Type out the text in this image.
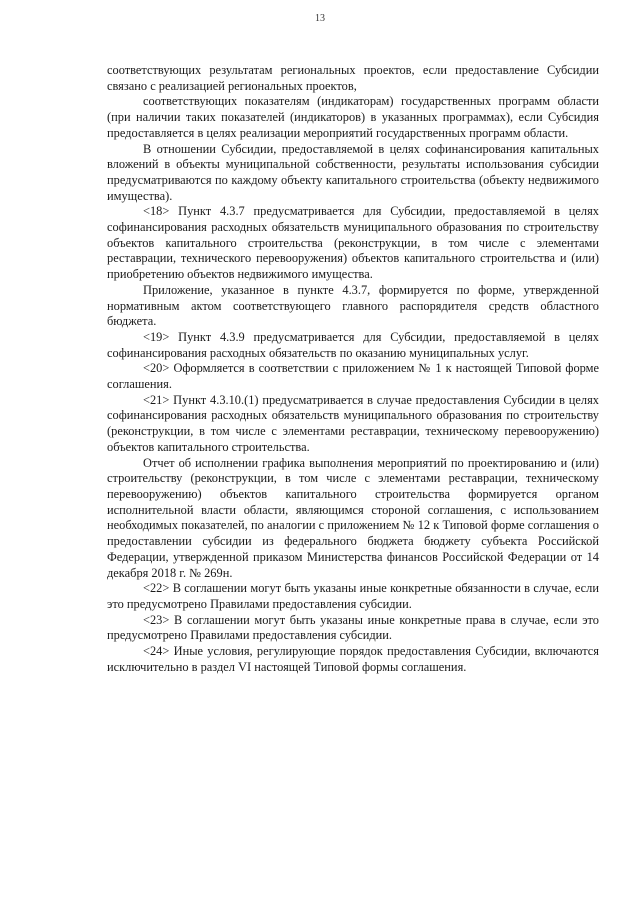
13

соответствующих результатам региональных проектов, если предоставление Субсидии связано с реализацией региональных проектов,

соответствующих показателям (индикаторам) государственных программ области (при наличии таких показателей (индикаторов) в указанных программах), если Субсидия предоставляется в целях реализации мероприятий государственных программ области.

В отношении Субсидии, предоставляемой в целях софинансирования капитальных вложений в объекты муниципальной собственности, результаты использования субсидии предусматриваются по каждому объекту капитального строительства (объекту недвижимого имущества).

<18> Пункт 4.3.7 предусматривается для Субсидии, предоставляемой в целях софинансирования расходных обязательств муниципального образования по строительству объектов капитального строительства (реконструкции, в том числе с элементами реставрации, технического перевооружения) объектов капитального строительства и (или) приобретению объектов недвижимого имущества.

Приложение, указанное в пункте 4.3.7, формируется по форме, утвержденной нормативным актом соответствующего главного распорядителя средств областного бюджета.

<19> Пункт 4.3.9 предусматривается для Субсидии, предоставляемой в целях софинансирования расходных обязательств по оказанию муниципальных услуг.

<20> Оформляется в соответствии с приложением № 1 к настоящей Типовой форме соглашения.

<21> Пункт 4.3.10.(1) предусматривается в случае предоставления Субсидии в целях софинансирования расходных обязательств муниципального образования по строительству (реконструкции, в том числе с элементами реставрации, техническому перевооружению) объектов капитального строительства.

Отчет об исполнении графика выполнения мероприятий по проектированию и (или) строительству (реконструкции, в том числе с элементами реставрации, техническому перевооружению) объектов капитального строительства формируется органом исполнительной власти области, являющимся стороной соглашения, с использованием необходимых показателей, по аналогии с приложением № 12 к Типовой форме соглашения о предоставлении субсидии из федерального бюджета бюджету субъекта Российской Федерации, утвержденной приказом Министерства финансов Российской Федерации от 14 декабря 2018 г. № 269н.

<22> В соглашении могут быть указаны иные конкретные обязанности в случае, если это предусмотрено Правилами предоставления субсидии.

<23> В соглашении могут быть указаны иные конкретные права в случае, если это предусмотрено Правилами предоставления субсидии.

<24> Иные условия, регулирующие порядок предоставления Субсидии, включаются исключительно в раздел VI настоящей Типовой формы соглашения.
